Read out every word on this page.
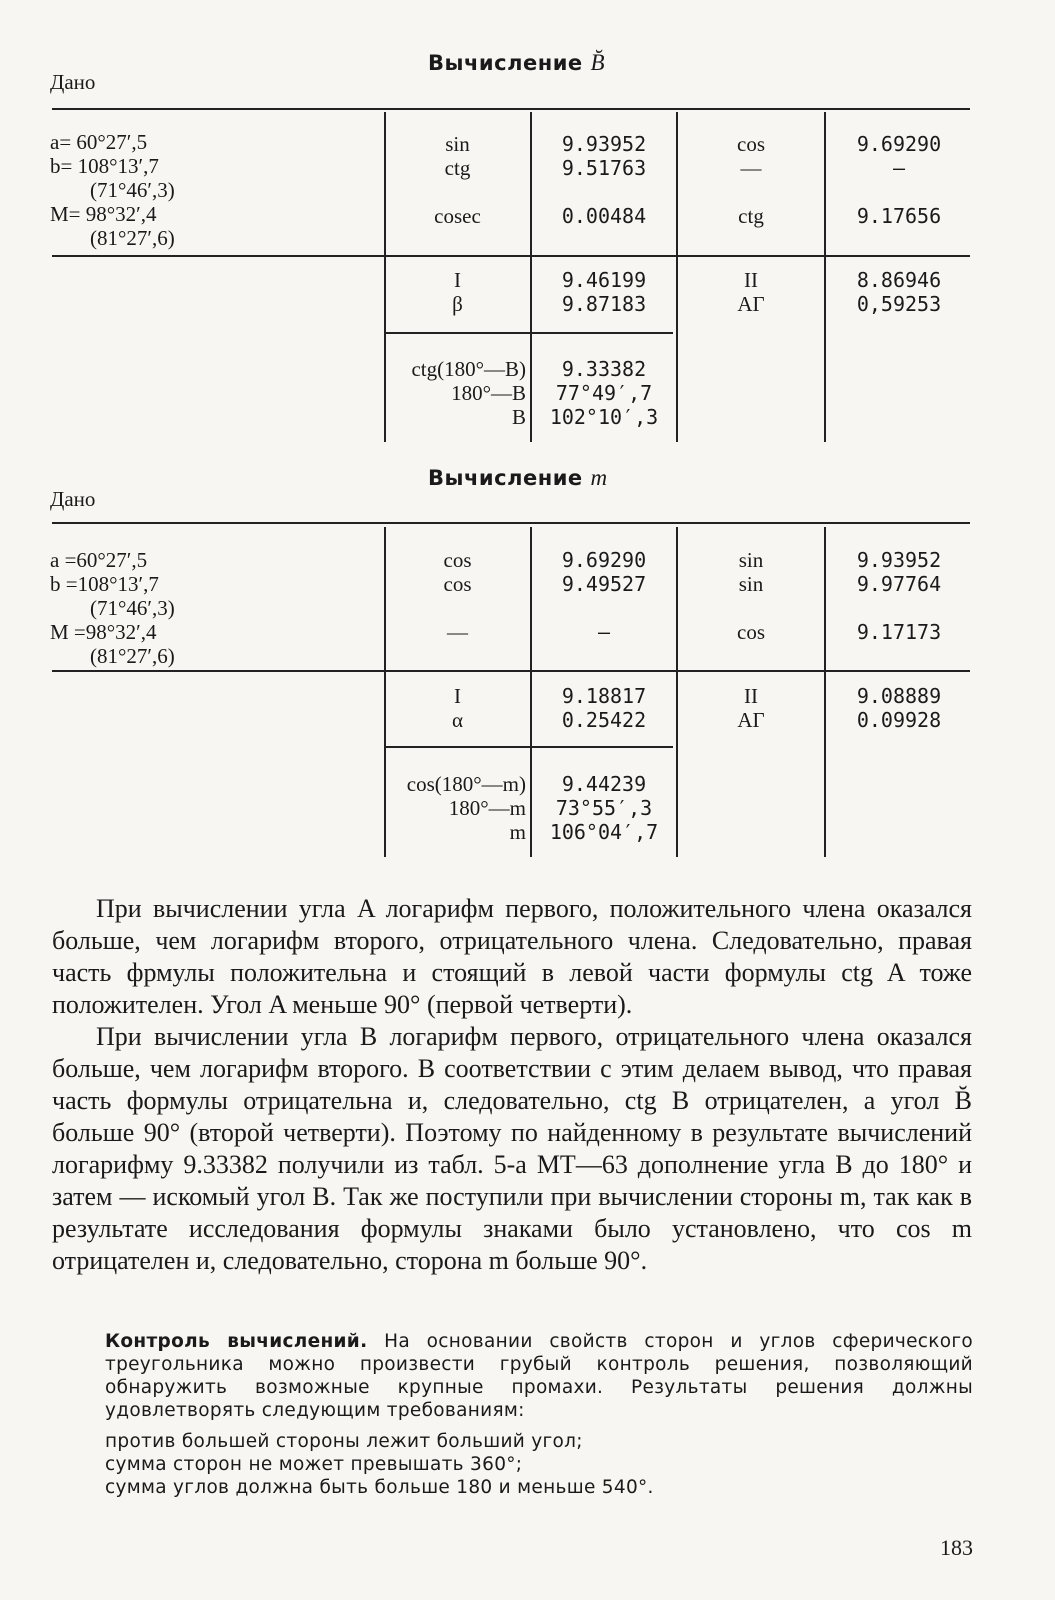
Вычисление B̆
Дано
a= 60°27′,5
b= 108°13′,7
(71°46′,3)
M= 98°32′,4
(81°27′,6)
sin
ctg

cosec
9.93952
9.51763

0.00484
cos
—

ctg
9.69290
—

9.17656
I
β
9.46199
9.87183
II
АГ
8.86946
0,59253
ctg(180°—B)
180°—B
B
9.33382
77°49′,7
102°10′,3
Вычисление m
Дано
a =60°27′,5
b =108°13′,7
(71°46′,3)
M =98°32′,4
(81°27′,6)
cos
cos

—
9.69290
9.49527

—
sin
sin

cos
9.93952
9.97764

9.17173
I
α
9.18817
0.25422
II
АГ
9.08889
0.09928
cos(180°—m)
180°—m
m
9.44239
73°55′,3
106°04′,7

При вычислении угла A логарифм первого, положительного члена оказался больше, чем логарифм второго, отрицательного члена. Следовательно, правая часть фрмулы положительна и стоящий в левой части формулы ctg A тоже положителен. Угол A меньше 90° (первой четверти).

При вычислении угла B логарифм первого, отрицательного члена оказался больше, чем логарифм второго. В соответствии с этим делаем вывод, что правая часть формулы отрицательна и, следовательно, ctg B отрицателен, а угол B̆ больше 90° (второй четверти). Поэтому по найденному в результате вычислений логарифму 9.33382 получили из табл. 5-а МТ—63 дополнение угла B до 180° и затем — искомый угол B. Так же поступили при вычислении стороны m, так как в результате исследования формулы знаками было установлено, что cos m отрицателен и, следовательно, сторона m больше 90°.

Контроль вычислений. На основании свойств сторон и углов сферического треугольника можно произвести грубый контроль решения, позволяющий обнаружить возможные крупные промахи. Результаты решения должны удовлетворять следующим требованиям:

против большей стороны лежит больший угол;

сумма сторон не может превышать 360°;

сумма углов должна быть больше 180 и меньше 540°.

183
